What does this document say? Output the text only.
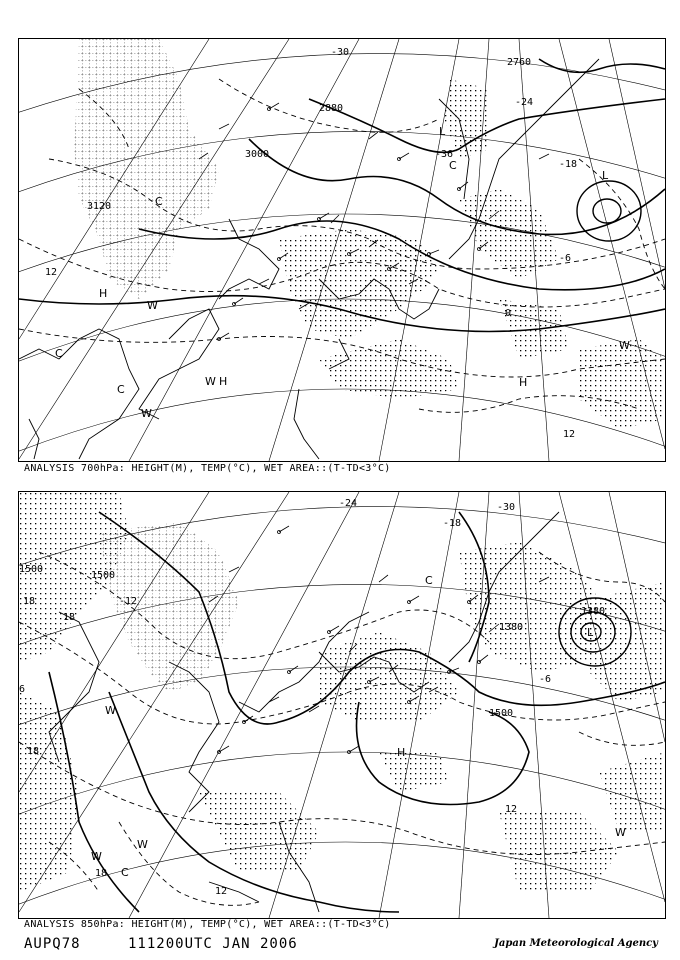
3000
3120
2880
2760
-30
-36
-24
-18
12
0
12
-6
H
H	H
L
L
W
W
W
W
C
C
C
C
ANALYSIS 700hPa: HEIGHT(M), TEMP(°C), WET AREA::(T-TD<3°C)
1500
1500
1380
1380
1500
-24	-30
-18
-12
18
18
18
12
12
6
-6
18
H
L
C
C
W
W
W
W
ANALYSIS 850hPa: HEIGHT(M), TEMP(°C), WET AREA::(T-TD<3°C)
AUPQ78	111200UTC JAN 2006	Japan Meteorological Agency
